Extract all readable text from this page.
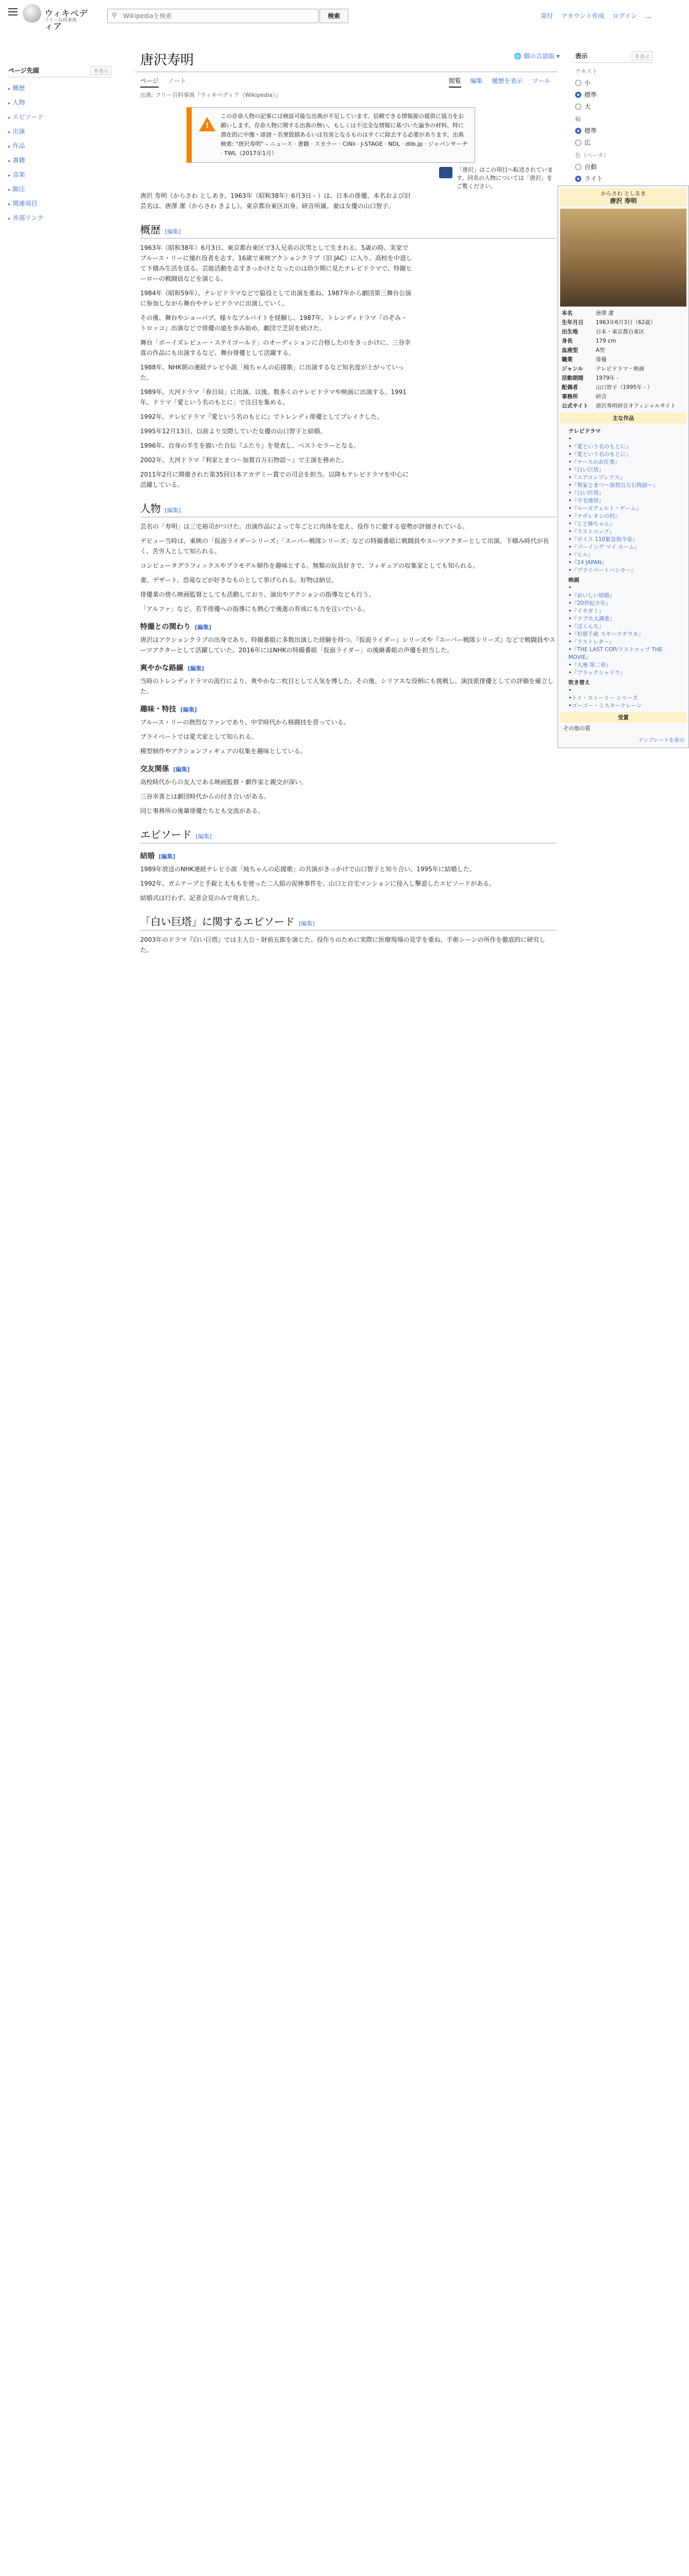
ウィキペディア
フリー百科事典
⚲
Wikipediaを検索	検索	寄付 アカウント作成 ログイン …
ページ先頭	非表示
▸ 概歴
▸ 人物
▸ エピソード
▸ 出演
▸ 作品
▸ 書籍
▸ 音楽
▸ 脚注
▸ 関連項目
▸ 外部リンク
表示	非表示
テキスト
小
標準
大
幅
標準
広
色（ベータ）
自動
ライト
唐沢寿明	🌐 個の言語版 ▾
ページ ノート	閲覧 編集 履歴を表示 ツール
出典: フリー百科事典『ウィキペディア（Wikipedia）』
!
この存命人物の記事には検証可能な出典が不足しています。信頼できる情報源の提供に協力をお願いします。存命人物に関する出典の無い、もしくは不完全な情報に基づいた論争の材料、特に潜在的に中傷・誹謗・名誉毀損あるいは有害となるものはすぐに除去する必要があります。出典検索: "唐沢寿明" – ニュース · 書籍 · スカラー · CiNii · J-STAGE · NDL · dlib.jp · ジャパンサーチ · TWL（2017年1月）
「唐沢」はこの項目へ転送されています。同名の人物については「唐沢」をご覧ください。
からさわ としあき
唐沢 寿明
本名	唐澤 潔
生年月日	1963年6月3日（62歳）
出生地	日本・東京都台東区
身長	179 cm
血液型	A型
職業	俳優
ジャンル	テレビドラマ・映画
活動期間	1979年 -
配偶者	山口智子（1995年 - ）
事務所	研音
公式サイト	唐沢寿明研音オフィシャルサイト
主な作品
テレビドラマ
• • 『愛という名のもとに』
• 『愛という名のもとに』
• 『ナースのお仕事』
• 『白い巨塔』
• 『エアコンブレアス』
• 『利家とまつ〜加賀百万石物語〜』
• 『白い巨塔』
• 『不毛地帯』
• 『ルーズヴェルト・ゲーム』
• 『ナポレオンの村』
• 『とと姉ちゃん』
• 『ラストコップ』
• 『ボイス 110緊急指令室』
• 『ゴーイング マイ ホーム』
• 『ヒル』
• 『24 JAPAN』
• 『プライベートバンカー』
映画
• • 『おいしい結婚』
• 『20世紀少年』
• 『イキガミ』
• 『ラブホ大調査』
• 『ぼくんち』
• 『杉原千畝 スギハラチウネ』
• 『ラストレター』
• 『THE LAST COP/ラストコップ THE MOVIE』
• 『大奥 第二章』
• 『ブラックシャドウ』
吹き替え
• • トイ・ストーリー シリーズ
• ゴーゴー・ミスタークレーン
受賞
その他の賞
テンプレートを表示

唐沢 寿明（からさわ としあき、1963年（昭和38年）6月3日 - ）は、日本の俳優。本名および旧芸名は、唐澤 潔（からさわ きよし）。東京都台東区出身。研音所属。妻は女優の山口智子。

概歴 [編集]

1963年（昭和38年）6月3日、東京都台東区で3人兄弟の次男として生まれる。5歳の時、実家でブルース・リーに憧れ役者を志す。16歳で東映アクションクラブ（旧 JAC）に入り、高校を中退して下積み生活を送る。芸能活動を志すきっかけとなったのは幼少期に見たテレビドラマで、特撮ヒーローの戦闘員などを演じる。

1984年（昭和59年）、テレビドラマなどで脇役として出演を重ね、1987年から劇団第三舞台公演に参加しながら舞台やテレビドラマに出演していく。

その後、舞台やショーパブ、様々なアルバイトを経験し、1987年、トレンディドラマ『のぞみ・トロッコ』出演などで俳優の道を歩み始め、劇団で芝居を続けた。

舞台「ボーイズレビュー・ステイゴールド」のオーディションに合格したのをきっかけに、三谷幸喜の作品にも出演するなど、舞台俳優として活躍する。

1988年、NHK朝の連続テレビ小説「純ちゃんの応援歌」に出演するなど知名度が上がっていった。

1989年、大河ドラマ「春日局」に出演。以後、数多くのテレビドラマや映画に出演する。1991年、ドラマ「愛という名のもとに」で注目を集める。

1992年、テレビドラマ『愛という名のもとに』でトレンディ俳優としてブレイクした。

1995年12月13日、以前より交際していた女優の山口智子と結婚。

1996年、自身の半生を描いた自伝『ふたり』を発表し、ベストセラーとなる。

2002年、大河ドラマ『利家とまつ〜加賀百万石物語〜』で主演を務めた。

2011年2月に開催された第35回日本アカデミー賞での司会を担当。以降もテレビドラマを中心に活躍している。

人物 [編集]

芸名の「寿明」は三宅裕司がつけた。出演作品によって年ごとに肉体を変え、役作りに徹する姿勢が評価されている。

デビュー当時は、東映の「仮面ライダーシリーズ」「スーパー戦隊シリーズ」などの特撮番組に戦闘員やスーツアクターとして出演。下積み時代が長く、苦労人として知られる。

コンピュータグラフィックスやプラモデル制作を趣味とする。無類の玩具好きで、フィギュアの収集家としても知られる。

妻、デザート、恐竜などが好きなものとして挙げられる。好物は納豆。

俳優業の傍ら映画監督としても活動しており、演出やアクションの指導なども行う。

「アルファ」など、若手俳優への指導にも熱心で後進の育成にも力を注いでいる。

特撮との関わり [編集]

唐沢はアクションクラブの出身であり、特撮番組に多数出演した経験を持つ。『仮面ライダー』シリーズや『スーパー戦隊シリーズ』などで戦闘員やスーツアクターとして活躍していた。2016年にはNHKの特撮番組「仮面ライダー」の後継番組の声優を担当した。

爽やかな路線 [編集]

当時のトレンディドラマの流行により、爽やかな二枚目として人気を博した。その後、シリアスな役柄にも挑戦し、演技派俳優としての評価を確立した。

趣味・特技 [編集]

ブルース・リーの熱烈なファンであり、中学時代から格闘技を習っている。

プライベートでは愛犬家として知られる。

模型制作やアクションフィギュアの収集を趣味としている。

交友関係 [編集]

高校時代からの友人である映画監督・劇作家と親交が深い。

三谷幸喜とは劇団時代からの付き合いがある。

同じ事務所の後輩俳優たちとも交流がある。

エピソード [編集]
結婚 [編集]

1989年放送のNHK連続テレビ小説「純ちゃんの応援歌」の共演がきっかけで山口智子と知り合い、1995年に結婚した。

1992年、ガムテープと手錠と太ももを使った二人組の泥棒事件を、山口と自宅マンションに侵入し撃退したエピソードがある。

結婚式は行わず、記者会見のみで発表した。

「白い巨塔」に関するエピソード [編集]

2003年のドラマ『白い巨塔』では主人公・財前五郎を演じた。役作りのために実際に医療現場の見学を重ね、手術シーンの所作を徹底的に研究した。
